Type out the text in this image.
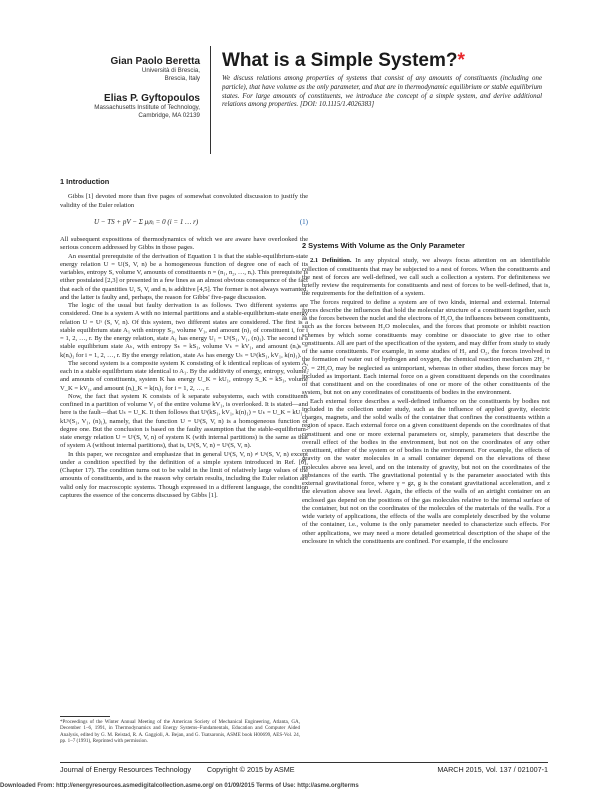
Gian Paolo Beretta
Università di Brescia,
Brescia, Italy
Elias P. Gyftopoulos
Massachusetts Institute of Technology,
Cambridge, MA 02139
What is a Simple System?*
We discuss relations among properties of systems that consist of any amounts of constituents (including one particle), that have volume as the only parameter, and that are in thermodynamic equilibrium or stable equilibrium states. For large amounts of constituents, we introduce the concept of a simple system, and derive additional relations among properties. [DOI: 10.1115/1.4026383]
1 Introduction

Gibbs [1] devoted more than five pages of somewhat convoluted discussion to justify the validity of the Euler relation

U − TS + pV − Σ μᵢnᵢ = 0 (i = 1 … r)	(1)

All subsequent expositions of thermodynamics of which we are aware have overlooked the serious concern addressed by Gibbs in those pages.

An essential prerequisite of the derivation of Equation 1 is that the stable-equilibrium-state energy relation U = U(S, V, n) be a homogeneous function of degree one of each of its variables, entropy S, volume V, amounts of constituents n = (n₁, n₂, …, nᵣ). This prerequisite is either postulated [2,3] or presented in a few lines as an almost obvious consequence of the fact that each of the quantities U, S, V, and nᵢ is additive [4,5]. The former is not always warranted, and the latter is faulty and, perhaps, the reason for Gibbs' five-page discussion.

The logic of the usual but faulty derivation is as follows. Two different systems are considered. One is a system A with no internal partitions and a stable-equilibrium-state energy relation U = Uˢ (S, V, n). Of this system, two different states are considered. The first is a stable equilibrium state A₁ with entropy S₁, volume V₁, and amount (n)₁ of constituent i, for i = 1, 2, …, r. By the energy relation, state A₁ has energy U₁ = Uˢ(S₁, V₁, (n)₁). The second is a stable equilibrium state Aₖ, with entropy Sₖ = kS₁, volume Vₖ = kV₁, and amount (nᵢ)ₖ = k(nᵢ)₁ for i = 1, 2, …, r. By the energy relation, state Aₖ has energy Uₖ = Uˢ(kS₁, kV₁, k(n)₁).

The second system is a composite system K consisting of k identical replicas of system A, each in a stable equilibrium state identical to A₁. By the additivity of energy, entropy, volume, and amounts of constituents, system K has energy U_K = kU₁, entropy S_K = kS₁, volume V_K = kV₁, and amount (nᵢ)_K = k(nᵢ)₁ for i = 1, 2, …, r.

Now, the fact that system K consists of k separate subsystems, each with constituents confined in a partition of volume V₁ of the entire volume kV₁, is overlooked. It is stated—and here is the fault—that Uₖ = U_K. It then follows that Uˢ(kS₁, kV₁, k(n)₁) = Uₖ = U_K = kU₁ = kUˢ(S₁, V₁, (n)₁), namely, that the function U = Uˢ(S, V, n) is a homogeneous function of degree one. But the conclusion is based on the faulty assumption that the stable-equilibrium-state energy relation U = Uˢ(S, V, n) of system K (with internal partitions) is the same as that of system A (without internal partitions), that is, Uˢ(S, V, n) = Uˢ(S, V, n).

In this paper, we recognize and emphasize that in general Uˢ(S, V, n) ≠ Uˢ(S, V, n) except under a condition specified by the definition of a simple system introduced in Ref. [6], (Chapter 17). The condition turns out to be valid in the limit of relatively large values of the amounts of constituents, and is the reason why certain results, including the Euler relation are valid only for macroscopic systems. Though expressed in a different language, the condition captures the essence of the concerns discussed by Gibbs [1].

2 Systems With Volume as the Only Parameter

2.1 Definition. In any physical study, we always focus attention on an identifiable collection of constituents that may be subjected to a nest of forces. When the constituents and the nest of forces are well-defined, we call such a collection a system. For definiteness we briefly review the requirements for constituents and nest of forces to be well-defined, that is, the requirements for the definition of a system.

The forces required to define a system are of two kinds, internal and external. Internal forces describe the influences that hold the molecular structure of a constituent together, such as the forces between the nuclei and the electrons of H₂O, the influences between constituents, such as the forces between H₂O molecules, and the forces that promote or inhibit reaction schemes by which some constituents may combine or dissociate to give rise to other constituents. All are part of the specification of the system, and may differ from study to study of the same constituents. For example, in some studies of H₂ and O₂, the forces involved in the formation of water out of hydrogen and oxygen, the chemical reaction mechanism 2H₂ + O₂ = 2H₂O, may be neglected as unimportant, whereas in other studies, these forces may be included as important. Each internal force on a given constituent depends on the coordinates of that constituent and on the coordinates of one or more of the other constituents of the system, but not on any coordinates of constituents of bodies in the environment.

Each external force describes a well-defined influence on the constituents by bodies not included in the collection under study, such as the influence of applied gravity, electric charges, magnets, and the solid walls of the container that confines the constituents within a region of space. Each external force on a given constituent depends on the coordinates of that constituent and one or more external parameters or, simply, parameters that describe the overall effect of the bodies in the environment, but not on the coordinates of any other constituent, either of the system or of bodies in the environment. For example, the effects of gravity on the water molecules in a small container depend on the elevations of these molecules above sea level, and on the intensity of gravity, but not on the coordinates of the substances of the earth. The gravitational potential γ is the parameter associated with this external gravitational force, where γ = gz, g is the constant gravitational acceleration, and z the elevation above sea level. Again, the effects of the walls of an airtight container on an enclosed gas depend on the positions of the gas molecules relative to the internal surface of the container, but not on the coordinates of the molecules of the materials of the walls. For a wide variety of applications, the effects of the walls are completely described by the volume of the container, i.e., volume is the only parameter needed to characterize such effects. For other applications, we may need a more detailed geometrical description of the shape of the enclosure in which the constituents are confined. For example, if the enclosure

*Proceedings of the Winter Annual Meeting of the American Society of Mechanical Engineering, Atlanta, GA, December 1–6, 1991, in Thermodynamics and Energy Systems–Fundamentals, Education and Computer Aided Analysis, edited by G. M. Reistad, R. A. Gaggioli, A. Bejan, and G. Tsatsaronis, ASME book H00699, AES-Vol. 24, pp. 1–7 (1991), Reprinted with permission.
Journal of Energy Resources Technology Copyright © 2015 by ASME	MARCH 2015, Vol. 137 / 021007-1
Downloaded From: http://energyresources.asmedigitalcollection.asme.org/ on 01/09/2015 Terms of Use: http://asme.org/terms
